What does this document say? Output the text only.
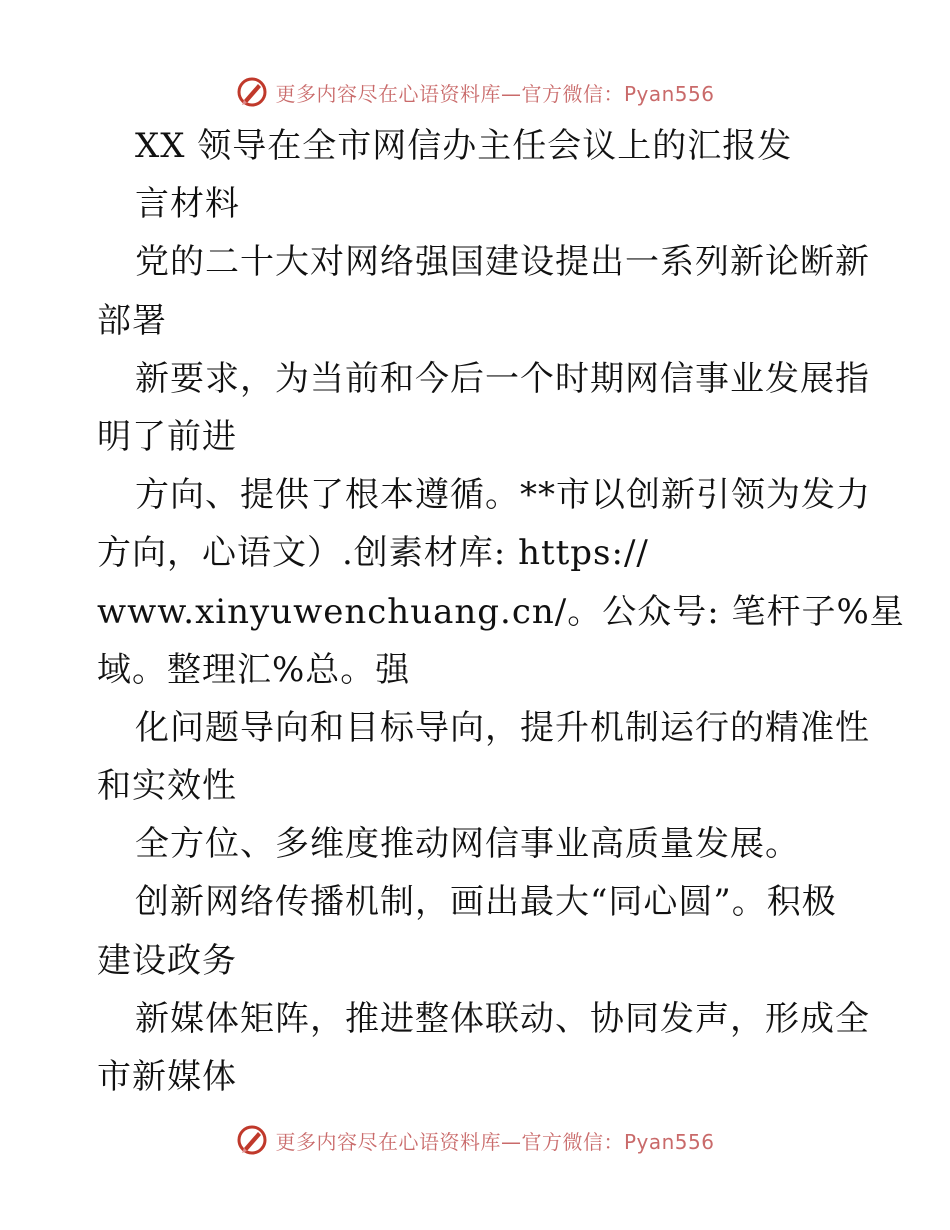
更多内容尽在心语资料库—官方微信：Pyan556
XX 领导在全市网信办主任会议上的汇报发
言材料
党的二十大对网络强国建设提出一系列新论断新
部署
新要求，为当前和今后一个时期网信事业发展指
明了前进
方向、提供了根本遵循。**市以创新引领为发力
方向，心语文）.创素材库: https://
www.xinyuwenchuang.cn/。公众号: 笔杆子%星
域。整理汇%总。强
化问题导向和目标导向，提升机制运行的精准性
和实效性
全方位、多维度推动网信事业高质量发展。
创新网络传播机制，画出最大“同心圆”。积极
建设政务
新媒体矩阵，推进整体联动、协同发声，形成全
市新媒体
更多内容尽在心语资料库—官方微信：Pyan556
